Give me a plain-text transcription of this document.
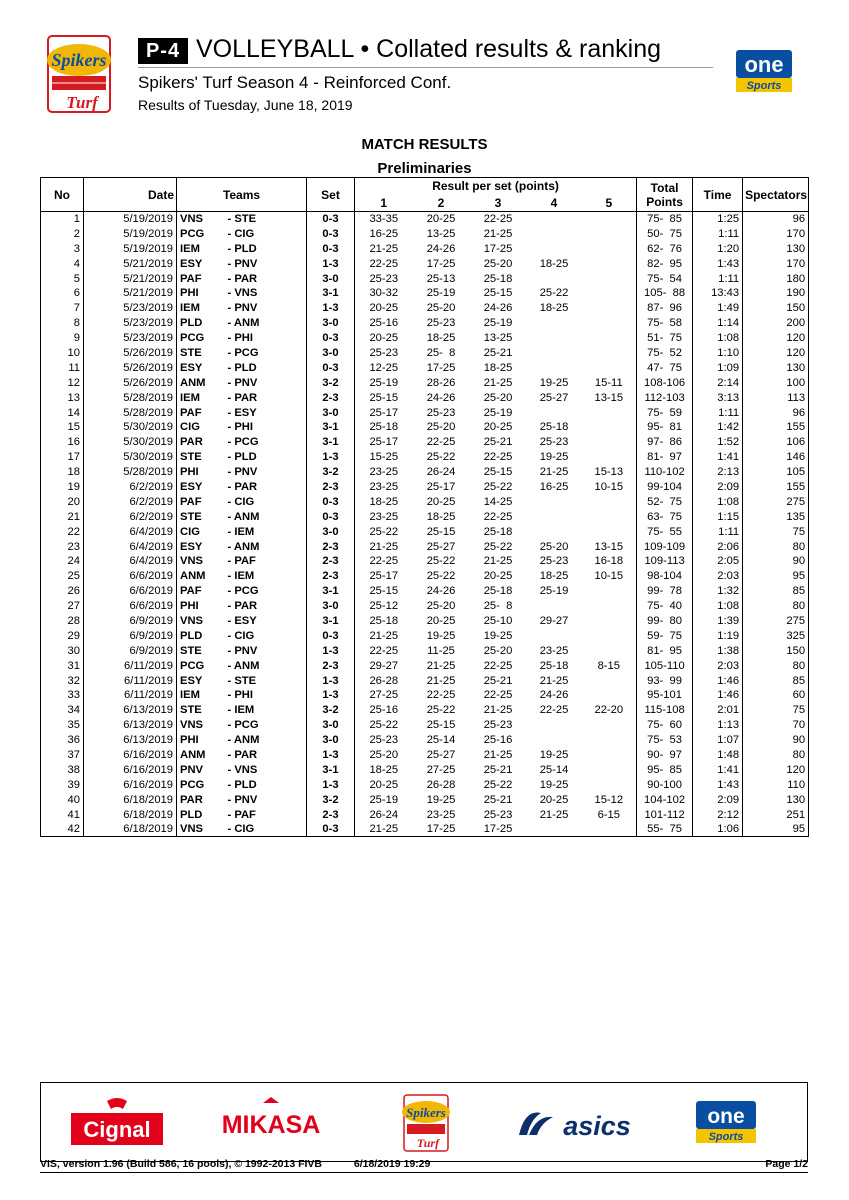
Spikers
Turf
P-4 VOLLEYBALL • Collated results & ranking
Spikers' Turf Season 4 - Reinforced Conf.
Results of Tuesday, June 18, 2019
one
Sports
MATCH RESULTS
Preliminaries
No	Date	Teams		Set	Result per set (points)					Total
Points	Time	Spectators
					1	2	3	4	5			
1	5/19/2019	VNS	- STE	0-3	33-35	20-25	22-25			75-  85	1:25	96
2	5/19/2019	PCG	- CIG	0-3	16-25	13-25	21-25			50-  75	1:11	170
3	5/19/2019	IEM	- PLD	0-3	21-25	24-26	17-25			62-  76	1:20	130
4	5/21/2019	ESY	- PNV	1-3	22-25	17-25	25-20	18-25		82-  95	1:43	170
5	5/21/2019	PAF	- PAR	3-0	25-23	25-13	25-18			75-  54	1:11	180
6	5/21/2019	PHI	- VNS	3-1	30-32	25-19	25-15	25-22		105-  88	13:43	190
7	5/23/2019	IEM	- PNV	1-3	20-25	25-20	24-26	18-25		87-  96	1:49	150
8	5/23/2019	PLD	- ANM	3-0	25-16	25-23	25-19			75-  58	1:14	200
9	5/23/2019	PCG	- PHI	0-3	20-25	18-25	13-25			51-  75	1:08	120
10	5/26/2019	STE	- PCG	3-0	25-23	25-  8	25-21			75-  52	1:10	120
11	5/26/2019	ESY	- PLD	0-3	12-25	17-25	18-25			47-  75	1:09	130
12	5/26/2019	ANM	- PNV	3-2	25-19	28-26	21-25	19-25	15-11	108-106	2:14	100
13	5/28/2019	IEM	- PAR	2-3	25-15	24-26	25-20	25-27	13-15	112-103	3:13	113
14	5/28/2019	PAF	- ESY	3-0	25-17	25-23	25-19			75-  59	1:11	96
15	5/30/2019	CIG	- PHI	3-1	25-18	25-20	20-25	25-18		95-  81	1:42	155
16	5/30/2019	PAR	- PCG	3-1	25-17	22-25	25-21	25-23		97-  86	1:52	106
17	5/30/2019	STE	- PLD	1-3	15-25	25-22	22-25	19-25		81-  97	1:41	146
18	5/28/2019	PHI	- PNV	3-2	23-25	26-24	25-15	21-25	15-13	110-102	2:13	105
19	6/2/2019	ESY	- PAR	2-3	23-25	25-17	25-22	16-25	10-15	99-104	2:09	155
20	6/2/2019	PAF	- CIG	0-3	18-25	20-25	14-25			52-  75	1:08	275
21	6/2/2019	STE	- ANM	0-3	23-25	18-25	22-25			63-  75	1:15	135
22	6/4/2019	CIG	- IEM	3-0	25-22	25-15	25-18			75-  55	1:11	75
23	6/4/2019	ESY	- ANM	2-3	21-25	25-27	25-22	25-20	13-15	109-109	2:06	80
24	6/4/2019	VNS	- PAF	2-3	22-25	25-22	21-25	25-23	16-18	109-113	2:05	90
25	6/6/2019	ANM	- IEM	2-3	25-17	25-22	20-25	18-25	10-15	98-104	2:03	95
26	6/6/2019	PAF	- PCG	3-1	25-15	24-26	25-18	25-19		99-  78	1:32	85
27	6/6/2019	PHI	- PAR	3-0	25-12	25-20	25-  8			75-  40	1:08	80
28	6/9/2019	VNS	- ESY	3-1	25-18	20-25	25-10	29-27		99-  80	1:39	275
29	6/9/2019	PLD	- CIG	0-3	21-25	19-25	19-25			59-  75	1:19	325
30	6/9/2019	STE	- PNV	1-3	22-25	11-25	25-20	23-25		81-  95	1:38	150
31	6/11/2019	PCG	- ANM	2-3	29-27	21-25	22-25	25-18	8-15	105-110	2:03	80
32	6/11/2019	ESY	- STE	1-3	26-28	21-25	25-21	21-25		93-  99	1:46	85
33	6/11/2019	IEM	- PHI	1-3	27-25	22-25	22-25	24-26		95-101	1:46	60
34	6/13/2019	STE	- IEM	3-2	25-16	25-22	21-25	22-25	22-20	115-108	2:01	75
35	6/13/2019	VNS	- PCG	3-0	25-22	25-15	25-23			75-  60	1:13	70
36	6/13/2019	PHI	- ANM	3-0	25-23	25-14	25-16			75-  53	1:07	90
37	6/16/2019	ANM	- PAR	1-3	25-20	25-27	21-25	19-25		90-  97	1:48	80
38	6/16/2019	PNV	- VNS	3-1	18-25	27-25	25-21	25-14		95-  85	1:41	120
39	6/16/2019	PCG	- PLD	1-3	20-25	26-28	25-22	19-25		90-100	1:43	110
40	6/18/2019	PAR	- PNV	3-2	25-19	19-25	25-21	20-25	15-12	104-102	2:09	130
41	6/18/2019	PLD	- PAF	2-3	26-24	23-25	25-23	21-25	6-15	101-112	2:12	251
42	6/18/2019	VNS	- CIG	0-3	21-25	17-25	17-25			55-  75	1:06	95
Cignal	MIKASA	Spikers
Turf
asics	one
Sports
VIS, version 1.96 (Build 586, 16 pools), © 1992-2013 FIVB	6/18/2019 19:29	Page 1/2
